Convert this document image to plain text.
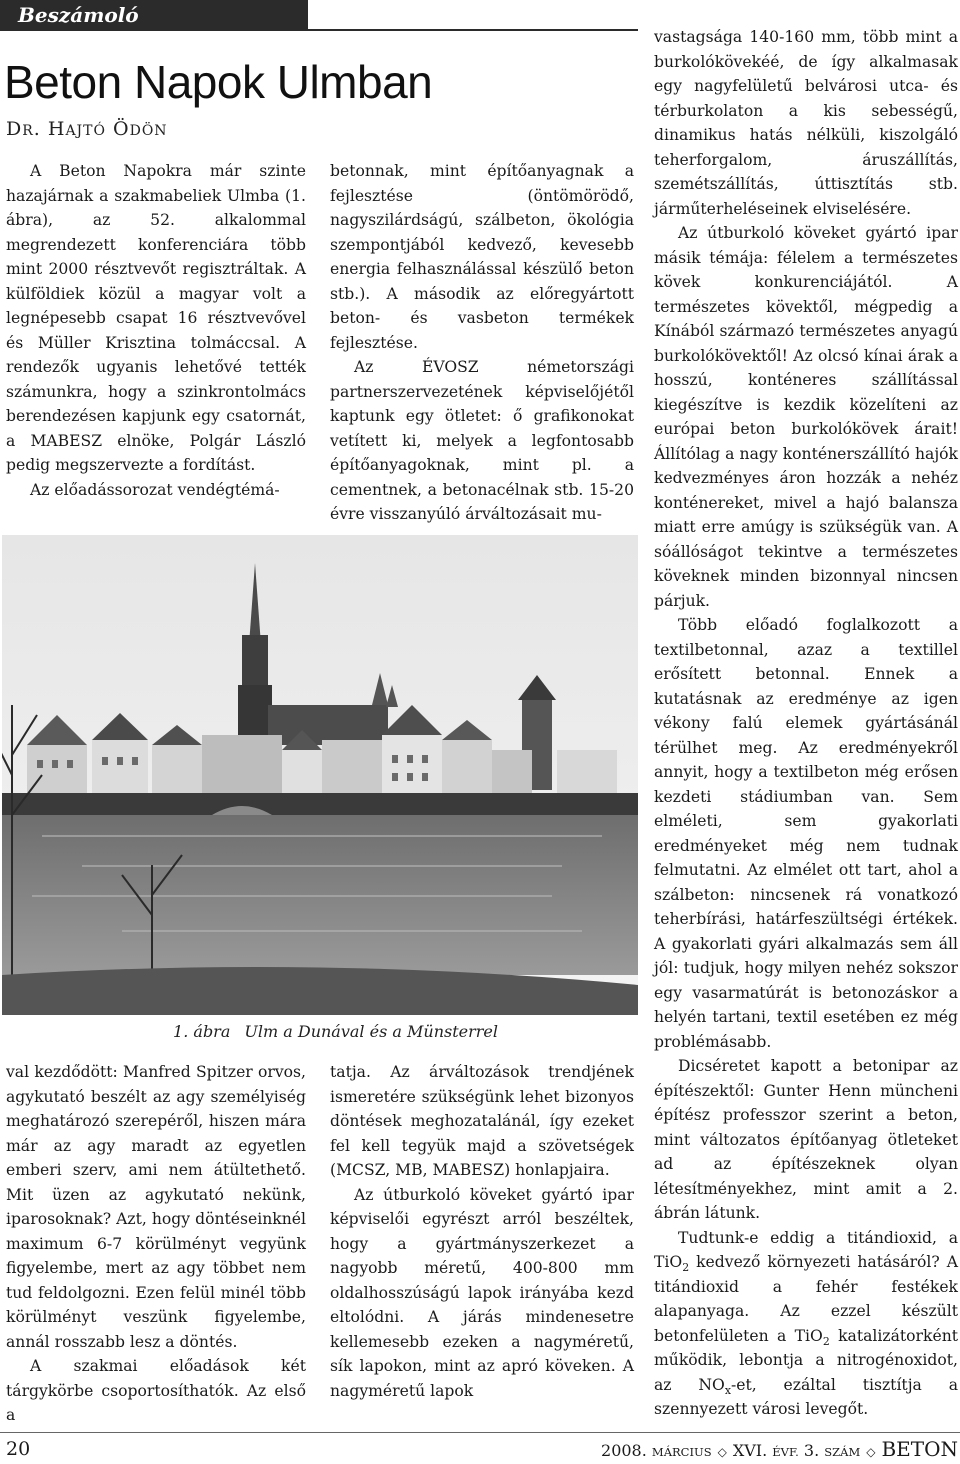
Beszámoló
Beton Napok Ulmban
DR. HAJTÓ ÖDÖN

A Beton Napokra már szinte hazajárnak a szakmabeliek Ulmba (1. ábra), az 52. alkalommal megrendezett konferenciára több mint 2000 résztvevőt regisztráltak. A külföldiek közül a magyar volt a legnépesebb csapat 16 résztvevővel és Müller Krisztina tolmáccsal. A rendezők ugyanis lehetővé tették számunkra, hogy a szinkrontolmács berendezésen kapjunk egy csatornát, a MABESZ elnöke, Polgár László pedig megszervezte a fordítást.

Az előadássorozat vendégtémá-

betonnak, mint építőanyagnak a fejlesztése (öntömörödő, nagyszilárdságú, szálbeton, ökológia szempontjából kedvező, kevesebb energia felhasználással készülő beton stb.). A második az előregyártott beton- és vasbeton termékek fejlesztése.

Az ÉVOSZ németországi partnerszervezetének képviselőjétől kaptunk egy ötletet: ő grafikonokat vetített ki, melyek a legfontosabb építőanyagoknak, mint pl. a cementnek, a betonacélnak stb. 15-20 évre visszanyúló árváltozásait mu-

vastagsága 140-160 mm, több mint a burkolókövekéé, de így alkalmasak egy nagyfelületű belvárosi utca- és térburkolaton a kis sebességű, dinamikus hatás nélküli, kiszolgáló teherforgalom, áruszállítás, szemétszállítás, úttisztítás stb. járműterheléseinek elviselésére.

Az útburkoló köveket gyártó ipar másik témája: félelem a természetes kövek konkurenciájától. A természetes kövektől, mégpedig a Kínából származó természetes anyagú burkolókövektől! Az olcsó kínai árak a hosszú, konténeres szállítással kiegészítve is kezdik közelíteni az európai beton burkolókövek árait! Állítólag a nagy konténerszállító hajók kedvezményes áron hozzák a nehéz konténereket, mivel a hajó balansza miatt erre amúgy is szükségük van. A sóállóságot tekintve a természetes köveknek minden bizonnyal nincsen párjuk.

Több előadó foglalkozott a textilbetonnal, azaz a textillel erősített betonnal. Ennek a kutatásnak az eredménye az igen vékony falú elemek gyártásánál térülhet meg. Az eredményekről annyit, hogy a textilbeton még erősen kezdeti stádiumban van. Sem elméleti, sem gyakorlati eredményeket még nem tudnak felmutatni. Az elmélet ott tart, ahol a szálbeton: nincsenek rá vonatkozó teherbírási, határfeszültségi értékek. A gyakorlati gyári alkalmazás sem áll jól: tudjuk, hogy milyen nehéz sokszor egy vasarmatúrát is betonozáskor a helyén tartani, textil esetében ez még problémásabb.

Dicséretet kapott a betonipar az építészektől: Gunter Henn müncheni építész professzor szerint a beton, mint változatos építőanyag ötleteket ad az építészeknek olyan létesítményekhez, mint amit a 2. ábrán látunk.

Tudtunk-e eddig a titándioxid, a TiO$_2$ kedvező környezeti hatásáról? A titándioxid a fehér festékek alapanyaga. Az ezzel készült betonfelületen a TiO$_2$ katalizátorként működik, lebontja a nitrogénoxidot, az $NO_x-et$, ezáltal tisztítja a szennyezett városi levegőt.

1. ábra Ulm a Dunával és a Münsterrel

val kezdődött: Manfred Spitzer orvos, agykutató beszélt az agy személyiség meghatározó szerepéről, hiszen mára már az agy maradt az egyetlen emberi szerv, ami nem átültethető. Mit üzen az agykutató nekünk, iparosoknak? Azt, hogy döntéseinknél maximum 6-7 körülményt vegyünk figyelembe, mert az agy többet nem tud feldolgozni. Ezen felül minél több körülményt veszünk figyelembe, annál rosszabb lesz a döntés.

A szakmai előadások két tárgykörbe csoportosíthatók. Az első a

tatja. Az árváltozások trendjének ismeretére szükségünk lehet bizonyos döntések meghozatalánál, így ezeket fel kell tegyük majd a szövetségek (MCSZ, MB, MABESZ) honlapjaira.

Az útburkoló köveket gyártó ipar képviselői egyrészt arról beszéltek, hogy a gyártmányszerkezet a nagyobb méretű, 400-800 mm oldalhosszúságú lapok irányába kezd eltolódni. A járás mindenesetre kellemesebb ezeken a nagyméretű, sík lapokon, mint az apró köveken. A nagyméretű lapok

20	2008. MÁRCIUS ◇ XVI. ÉVF. 3. SZÁM ◇ BETON
